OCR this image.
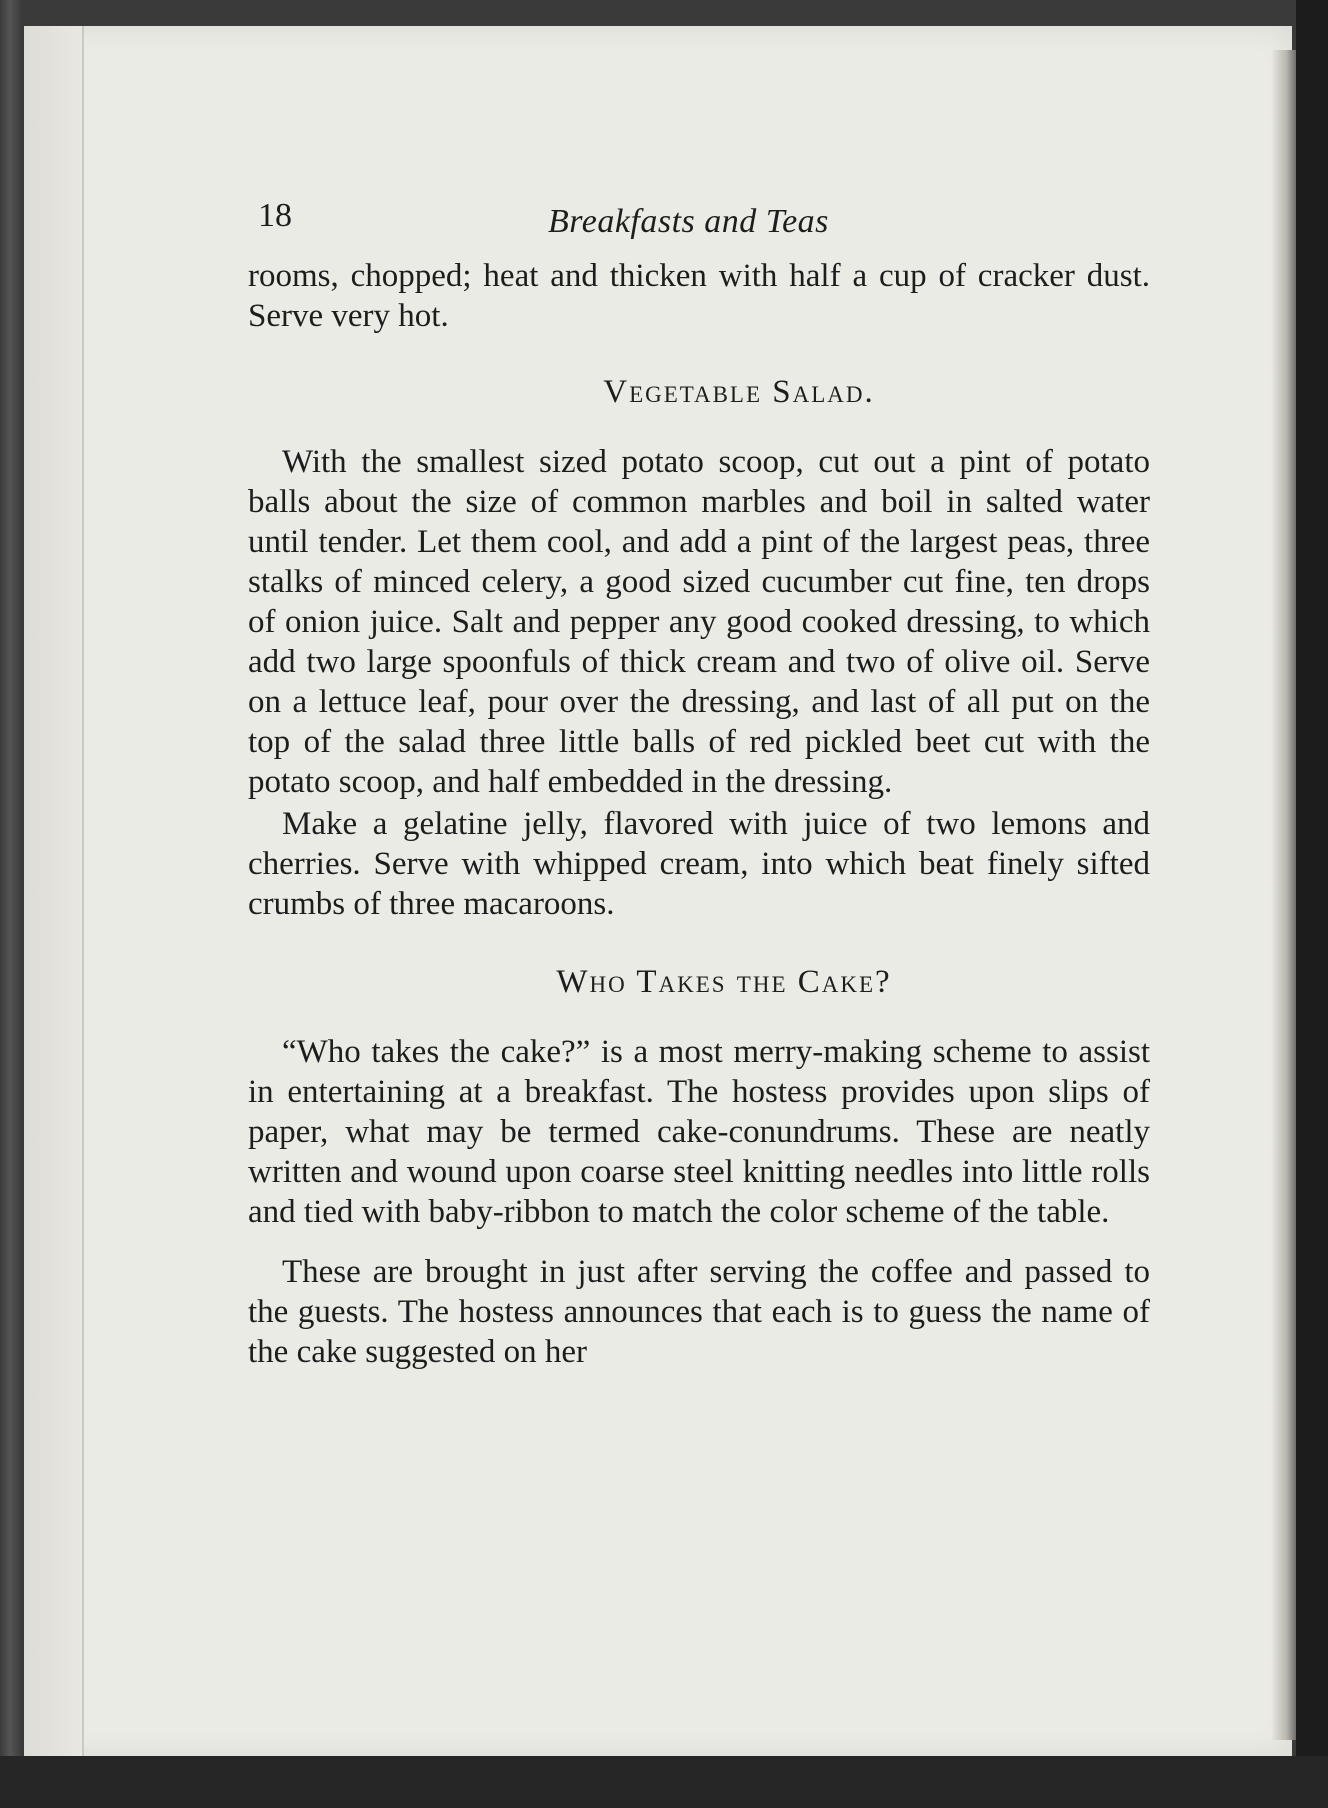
18	Breakfasts and Teas

rooms, chopped; heat and thicken with half a cup of cracker dust. Serve very hot.

Vegetable Salad.

With the smallest sized potato scoop, cut out a pint of potato balls about the size of common marbles and boil in salted water until tender. Let them cool, and add a pint of the largest peas, three stalks of minced celery, a good sized cucumber cut fine, ten drops of onion juice. Salt and pepper any good cooked dressing, to which add two large spoonfuls of thick cream and two of olive oil. Serve on a lettuce leaf, pour over the dressing, and last of all put on the top of the salad three little balls of red pickled beet cut with the potato scoop, and half embedded in the dressing.

Make a gelatine jelly, flavored with juice of two lemons and cherries. Serve with whipped cream, into which beat finely sifted crumbs of three macaroons.

Who Takes the Cake?

“Who takes the cake?” is a most merry-making scheme to assist in entertaining at a breakfast. The hostess provides upon slips of paper, what may be termed cake-conundrums. These are neatly written and wound upon coarse steel knitting needles into little rolls and tied with baby-ribbon to match the color scheme of the table.

These are brought in just after serving the coffee and passed to the guests. The hostess announces that each is to guess the name of the cake suggested on her
